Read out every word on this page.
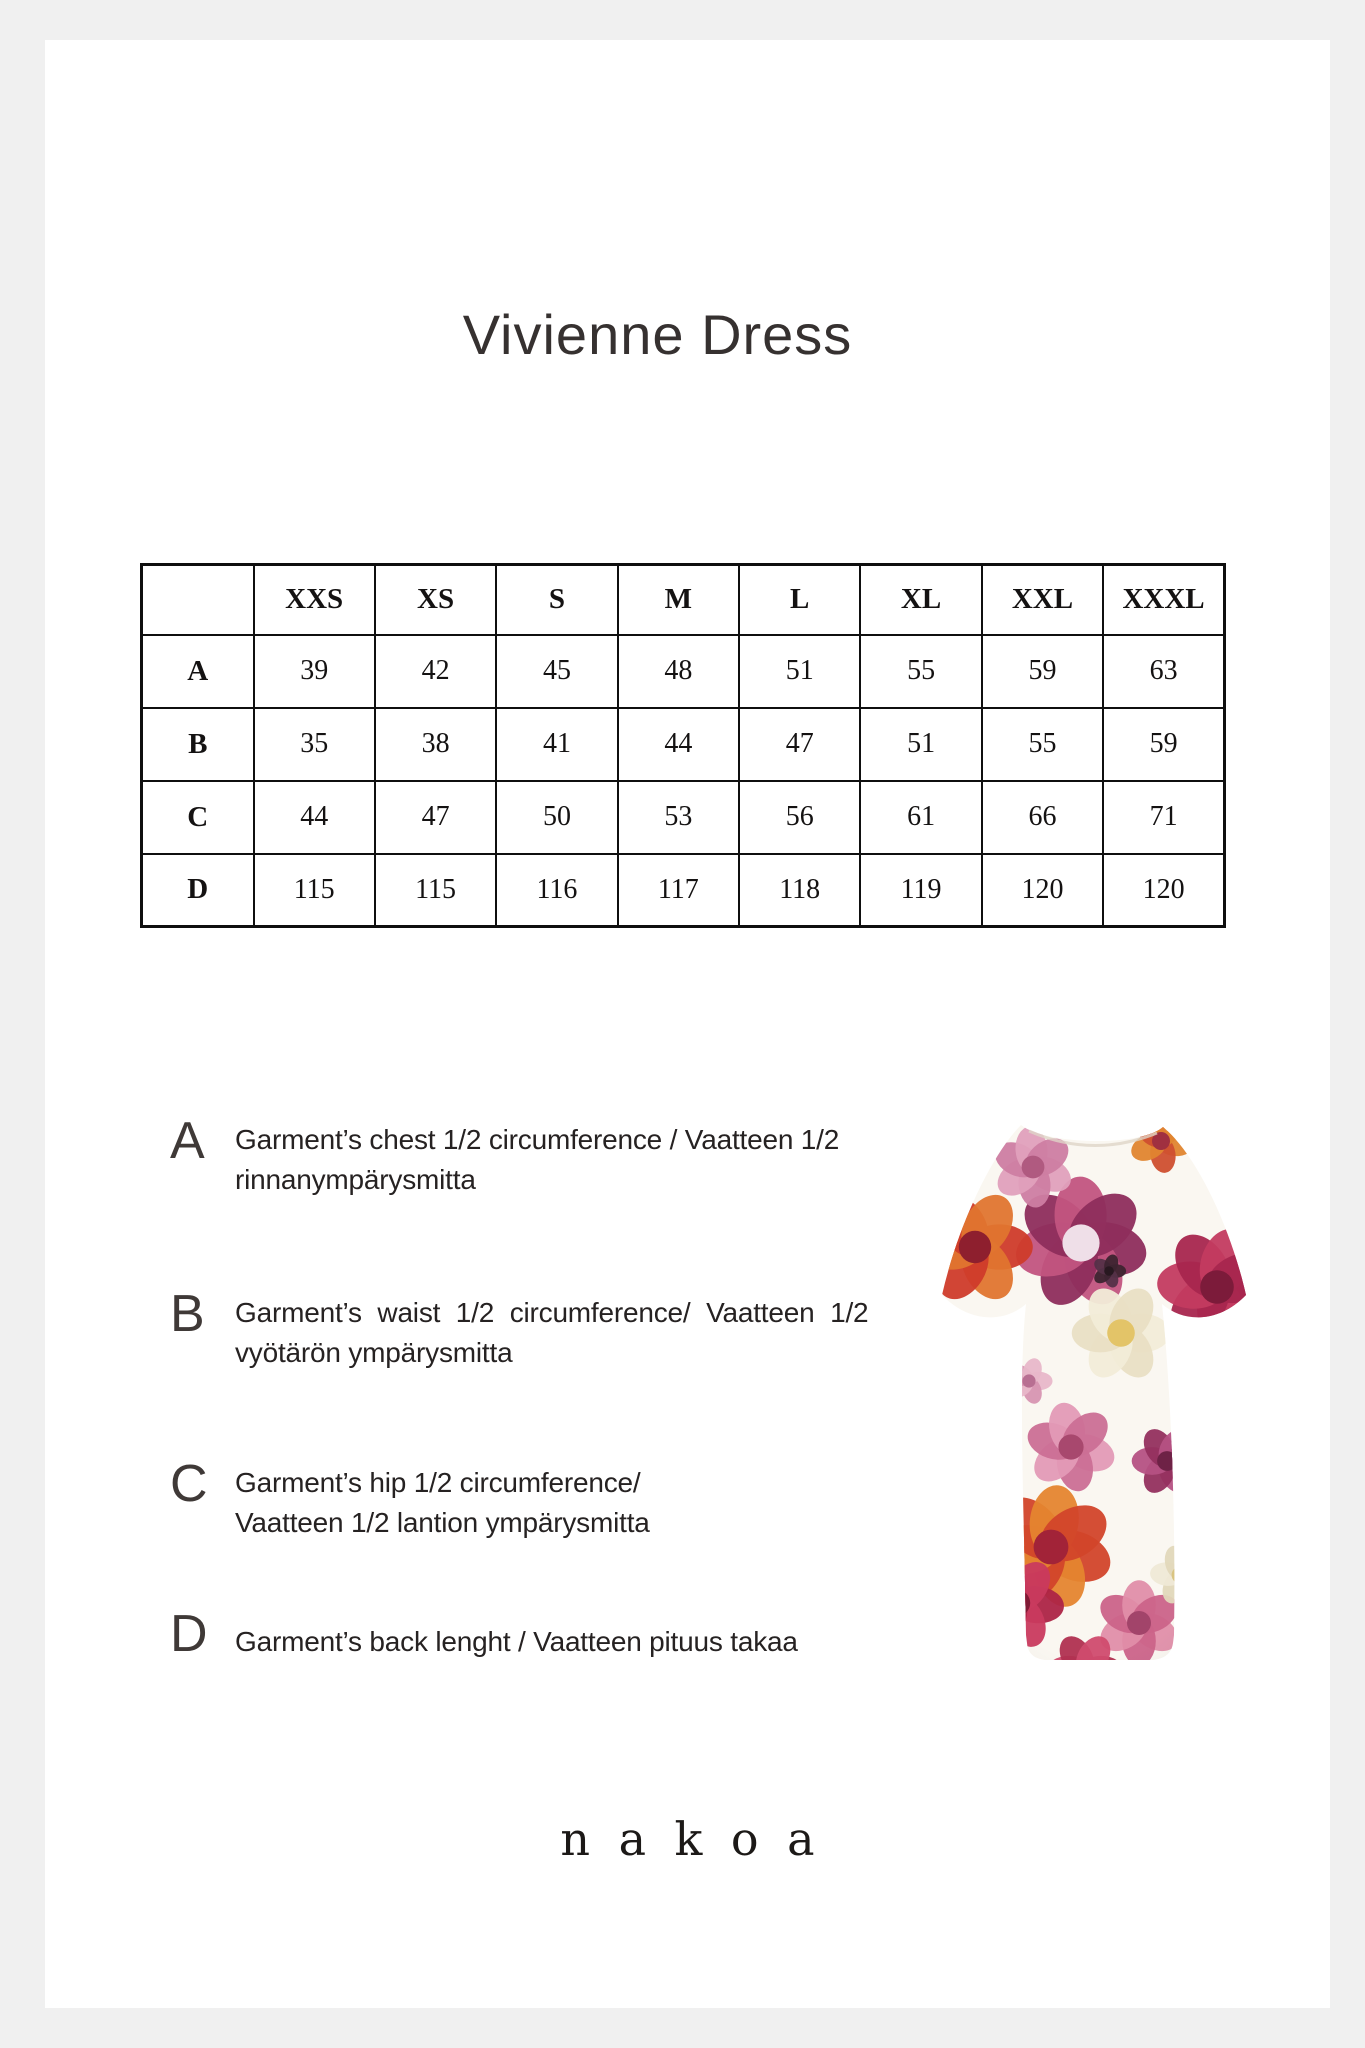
Vivienne Dress
	XXS	XS	S	M	L	XL	XXL	XXXL
A	39	42	45	48	51	55	59	63
B	35	38	41	44	47	51	55	59
C	44	47	50	53	56	61	66	71
D	115	115	116	117	118	119	120	120
A Garment’s chest 1/2 circumference / Vaatteen 1/2
rinnanympärysmitta
B Garment’s waist 1/2 circumference/ Vaatteen 1/2
vyötärön ympärysmitta
C Garment’s hip 1/2 circumference/
Vaatteen 1/2 lantion ympärysmitta
D Garment’s back lenght / Vaatteen pituus takaa
nakoa
